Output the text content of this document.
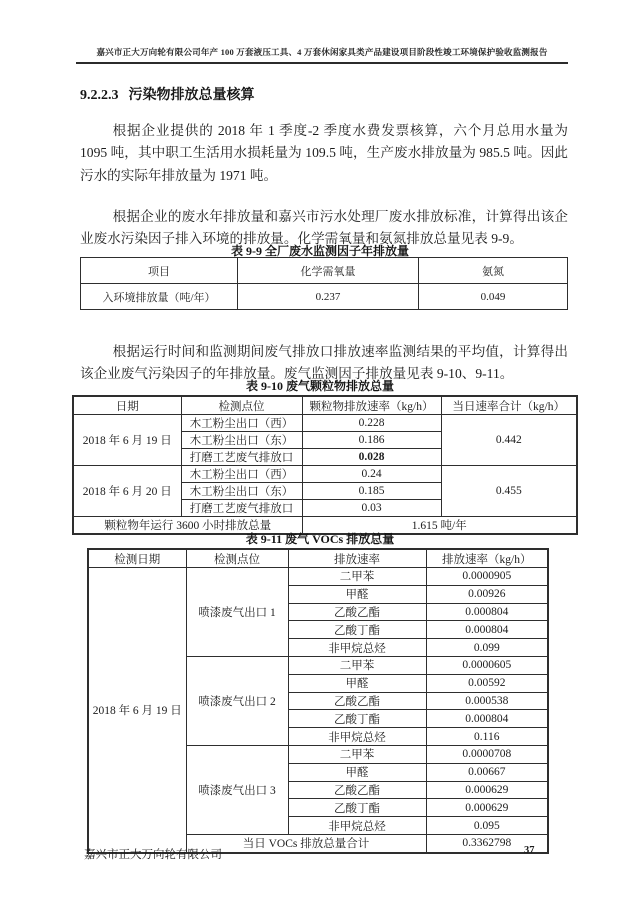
嘉兴市正大万向轮有限公司年产 100 万套液压工具、4 万套休闲家具类产品建设项目阶段性竣工环境保护验收监测报告
9.2.2.3 污染物排放总量核算

根据企业提供的 2018 年 1 季度-2 季度水费发票核算，六个月总用水量为 1095 吨，其中职工生活用水损耗量为 109.5 吨，生产废水排放量为 985.5 吨。因此污水的实际年排放量为 1971 吨。

根据企业的废水年排放量和嘉兴市污水处理厂废水排放标准，计算得出该企业废水污染因子排入环境的排放量。化学需氧量和氨氮排放总量见表 9-9。

表 9-9 全厂废水监测因子年排放量
项目	化学需氧量	氨氮
入环境排放量（吨/年）	0.237	0.049

根据运行时间和监测期间废气排放口排放速率监测结果的平均值，计算得出该企业废气污染因子的年排放量。废气监测因子排放量见表 9-10、9-11。

表 9-10 废气颗粒物排放总量
日期	检测点位	颗粒物排放速率（kg/h）	当日速率合计（kg/h）
2018 年 6 月 19 日	木工粉尘出口（西）	0.228	0.442
	木工粉尘出口（东）	0.186	
	打磨工艺废气排放口	0.028	
2018 年 6 月 20 日	木工粉尘出口（西）	0.24	0.455
	木工粉尘出口（东）	0.185	
	打磨工艺废气排放口	0.03	
颗粒物年运行 3600 小时排放总量		1.615 吨/年	
表 9-11 废气 VOCs 排放总量
检测日期	检测点位	排放速率	排放速率（kg/h）
2018 年 6 月 19 日	喷漆废气出口 1	二甲苯	0.0000905
		甲醛	0.00926
		乙酸乙酯	0.000804
		乙酸丁酯	0.000804
		非甲烷总烃	0.099
	喷漆废气出口 2	二甲苯	0.0000605
		甲醛	0.00592
		乙酸乙酯	0.000538
		乙酸丁酯	0.000804
		非甲烷总烃	0.116
	喷漆废气出口 3	二甲苯	0.0000708
		甲醛	0.00667
		乙酸乙酯	0.000629
		乙酸丁酯	0.000629
		非甲烷总烃	0.095
	当日 VOCs 排放总量合计		0.3362798
嘉兴市正大万向轮有限公司	37
